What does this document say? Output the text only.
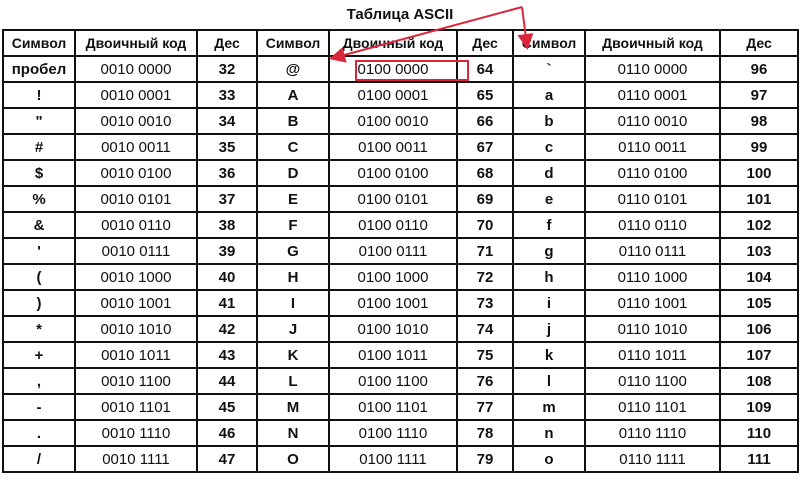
Таблица ASCII
Символ	Двоичный код	Дес	Символ	Двоичный код	Дес	Символ	Двоичный код	Дес
пробел	0010 0000	32	@	0100 0000	64	`	0110 0000	96
!	0010 0001	33	A	0100 0001	65	a	0110 0001	97
"	0010 0010	34	B	0100 0010	66	b	0110 0010	98
#	0010 0011	35	C	0100 0011	67	c	0110 0011	99
$	0010 0100	36	D	0100 0100	68	d	0110 0100	100
%	0010 0101	37	E	0100 0101	69	e	0110 0101	101
&	0010 0110	38	F	0100 0110	70	f	0110 0110	102
'	0010 0111	39	G	0100 0111	71	g	0110 0111	103
(	0010 1000	40	H	0100 1000	72	h	0110 1000	104
)	0010 1001	41	I	0100 1001	73	i	0110 1001	105
*	0010 1010	42	J	0100 1010	74	j	0110 1010	106
+	0010 1011	43	K	0100 1011	75	k	0110 1011	107
,	0010 1100	44	L	0100 1100	76	l	0110 1100	108
-	0010 1101	45	M	0100 1101	77	m	0110 1101	109
.	0010 1110	46	N	0100 1110	78	n	0110 1110	110
/	0010 1111	47	O	0100 1111	79	o	0110 1111	111
